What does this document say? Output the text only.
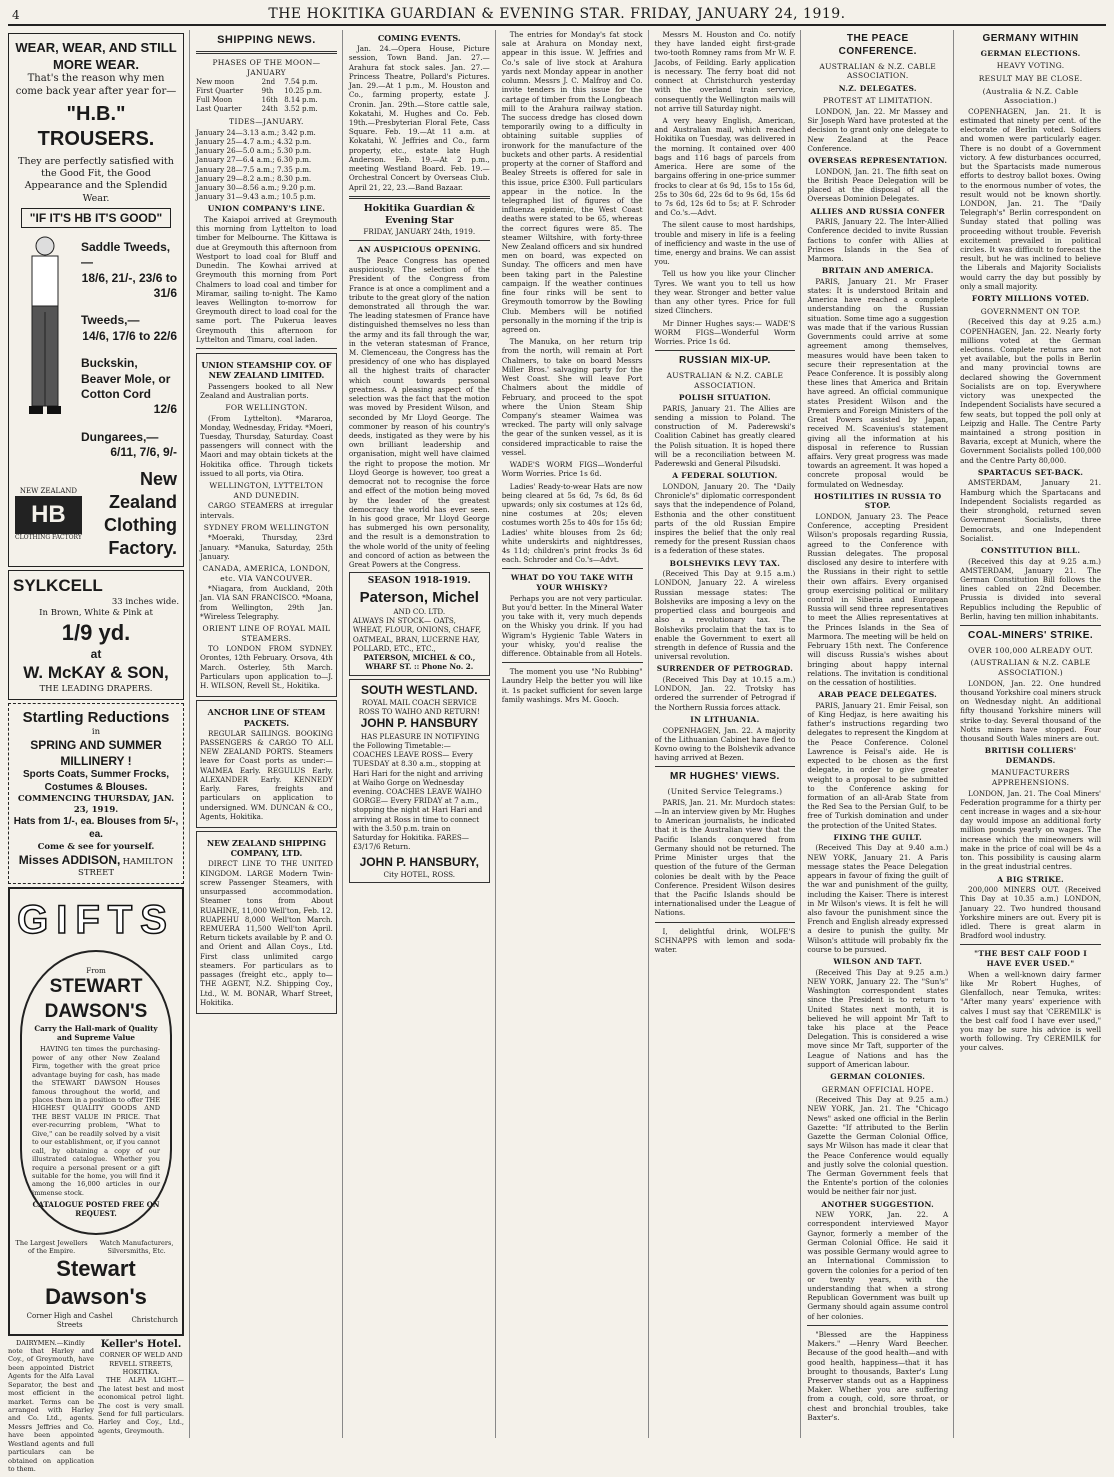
4	THE HOKITIKA GUARDIAN & EVENING STAR. FRIDAY, JANUARY 24, 1919.
WEAR, WEAR, AND STILL MORE WEAR.
That's the reason why men come back year after year for—
"H.B." TROUSERS.
They are perfectly satisfied with the Good Fit, the Good Appearance and the Splendid Wear.
"IF IT'S HB IT'S GOOD"
Saddle Tweeds,—
18/6, 21/-, 23/6 to 31/6
Tweeds,—
14/6, 17/6 to 22/6
Buckskin, Beaver Mole, or Cotton Cord
12/6
Dungarees,—
6/11, 7/6, 9/-
NEW ZEALAND
HB
CLOTHING FACTORY
New Zealand Clothing Factory.
SYLKCELL
33 inches wide.
In Brown, White & Pink at
1/9 yd.
at
W. McKAY & SON, THE LEADING DRAPERS.
Startling Reductions
in
SPRING AND SUMMER MILLINERY !
Sports Coats, Summer Frocks, Costumes & Blouses.
COMMENCING THURSDAY, JAN. 23, 1919.
Hats from 1/-, ea. Blouses from 5/-, ea.
Come & see for yourself.
Misses ADDISON, HAMILTON STREET
GIFTS
From
STEWART DAWSON'S
Carry the Hall-mark of Quality and Supreme Value

HAVING ten times the purchasing-power of any other New Zealand Firm, together with the great price advantage buying for cash, has made the STEWART DAWSON Houses famous throughout the world, and places them in a position to offer THE HIGHEST QUALITY GOODS AND THE BEST VALUE IN PRICE. That ever-recurring problem, "What to Give," can be readily solved by a visit to our establishment, or, if you cannot call, by obtaining a copy of our illustrated catalogue. Whether you require a personal present or a gift suitable for the home, you will find it among the 16,000 articles in our immense stock.

CATALOGUE POSTED FREE ON REQUEST.
The Largest Jewellers of the Empire.
Watch Manufacturers, Silversmiths, Etc.
Stewart Dawson's
Corner High and Cashel Streets
Christchurch

DAIRYMEN.—Kindly note that Harley and Coy., of Greymouth, have been appointed District Agents for the Alfa Laval Separator, the best and most efficient in the market. Terms can be arranged with Harley and Co. Ltd., agents. Messrs Jeffries and Co. have been appointed Westland agents and full particulars can be obtained on application to them.

Keller's Hotel.
CORNER OF WELD AND REVELL STREETS, HOKITIKA.

THE ALFA LIGHT.—The latest best and most economical petrol light. The cost is very small. Send for full particulars. Harley and Coy., Ltd., agents, Greymouth.

SHIPPING NEWS.
PHASES OF THE MOON—JANUARY
New moon	2nd	7.54 p.m.
First Quarter	9th	10.25 p.m.
Full Moon	16th	8.14 p.m.
Last Quarter	24th	3.52 p.m.
TIDES—JANUARY.
January 24—3.13 a.m.; 3.42 p.m.
January 25—4.7 a.m.; 4.32 p.m.
January 26—5.0 a.m.; 5.30 p.m.
January 27—6.4 a.m.; 6.30 p.m.
January 28—7.5 a.m.; 7.35 p.m.
January 29—8.2 a.m.; 8.30 p.m.
January 30—8.56 a.m.; 9.20 p.m.
January 31—9.43 a.m.; 10.5 p.m.
UNION COMPANY'S LINE.

The Kaiapoi arrived at Greymouth this morning from Lyttelton to load timber for Melbourne. The Kittawa is due at Greymouth this afternoon from Westport to load coal for Bluff and Dunedin. The Kowhai arrived at Greymouth this morning from Port Chalmers to load coal and timber for Miramar, sailing to-night. The Kamo leaves Wellington to-morrow for Greymouth direct to load coal for the same port. The Pukerua leaves Greymouth this afternoon for Lyttelton and Timaru, coal laden.

UNION STEAMSHIP COY. OF NEW ZEALAND LIMITED.

Passengers booked to all New Zealand and Australian ports.

FOR WELLINGTON.

(From Lyttelton). *Mararoa, Monday, Wednesday, Friday. *Moeri, Tuesday, Thursday, Saturday. Coast passengers will connect with the Maori and may obtain tickets at the Hokitika office. Through tickets issued to all ports, via Otira.

WELLINGTON, LYTTELTON AND DUNEDIN.

CARGO STEAMERS at irregular intervals.

SYDNEY FROM WELLINGTON

*Moeraki, Thursday, 23rd January. *Manuka, Saturday, 25th January.

CANADA, AMERICA, LONDON, etc. VIA VANCOUVER.

*Niagara, from Auckland, 20th Jan. VIA SAN FRANCISCO. *Moana, from Wellington, 29th Jan. *Wireless Telegraphy.

ORIENT LINE OF ROYAL MAIL STEAMERS.

TO LONDON FROM SYDNEY. Orontes, 12th February. Orsova, 4th March. Osterley, 5th March. Particulars upon application to—J. H. WILSON, Revell St., Hokitika.

ANCHOR LINE OF STEAM PACKETS.

REGULAR SAILINGS. BOOKING PASSENGERS & CARGO TO ALL NEW ZEALAND PORTS. Steamers leave for Coast ports as under:— WAIMEA Early. REGULUS Early. ALEXANDER Early. KENNEDY Early. Fares, freights and particulars on application to undersigned. WM. DUNCAN & CO., Agents, Hokitika.

NEW ZEALAND SHIPPING COMPANY, LTD.

DIRECT LINE TO THE UNITED KINGDOM. LARGE Modern Twin-screw Passenger Steamers, with unsurpassed accommodation. Steamer tons from About RUAHINE, 11,000 Well'ton, Feb. 12. RUAPEHU 8,000 Well'ton March. REMUERA 11,500 Well'ton April. Return tickets available by P. and O. and Orient and Allan Coys., Ltd. First class unlimited cargo steamers. For particulars as to passages (freight etc., apply to— THE AGENT, N.Z. Shipping Coy., Ltd., W. M. BONAR, Wharf Street, Hokitika.

COMING EVENTS.

Jan. 24.—Opera House, Picture session, Town Band. Jan. 27.—Arahura fat stock sales. Jan. 27.—Princess Theatre, Pollard's Pictures. Jan. 29.—At 1 p.m., M. Houston and Co., farming property, estate J. Cronin. Jan. 29th.—Store cattle sale, Kokatahi, M. Hughes and Co. Feb. 19th.—Presbyterian Floral Fete, Cass Square. Feb. 19.—At 11 a.m. at Kokatahi, W. Jeffries and Co., farm property, etc., estate late Hugh Anderson. Feb. 19.—At 2 p.m., meeting Westland Board. Feb. 19.—Orchestral Concert by Overseas Club. April 21, 22, 23.—Band Bazaar.

Hokitika Guardian & Evening Star
FRIDAY, JANUARY 24th, 1919.
AN AUSPICIOUS OPENING.

The Peace Congress has opened auspiciously. The selection of the President of the Congress from France is at once a compliment and a tribute to the great glory of the nation demonstrated all through the war. The leading statesmen of France have distinguished themselves no less than the army and its fall through the war, in the veteran statesman of France, M. Clemenceau, the Congress has the presidency of one who has displayed all the highest traits of character which count towards personal greatness. A pleasing aspect of the selection was the fact that the motion was moved by President Wilson, and seconded by Mr Lloyd George. The commoner by reason of his country's deeds, instigated as they were by his own brilliant leadership and organisation, might well have claimed the right to propose the motion. Mr Lloyd George is however, too great a democrat not to recognise the force and effect of the motion being moved by the leader of the greatest democracy the world has ever seen. In his good grace, Mr Lloyd George has submerged his own personality, and the result is a demonstration to the whole world of the unity of feeling and concord of action as between the Great Powers at the Congress.

SEASON 1918-1919.
Paterson, Michel
AND CO. LTD.
ALWAYS IN STOCK— OATS, WHEAT, FLOUR, ONIONS, CHAFF, OATMEAL, BRAN, LUCERNE HAY, POLLARD, ETC., ETC.,
PATERSON, MICHEL & CO., WHARF ST. :: Phone No. 2.
SOUTH WESTLAND.
ROYAL MAIL COACH SERVICE
ROSS TO WAIHO AND RETURN!
JOHN P. HANSBURY

HAS PLEASURE IN NOTIFYING the Following Timetable:— COACHES LEAVE ROSS— Every TUESDAY at 8.30 a.m., stopping at Hari Hari for the night and arriving at Waiho Gorge on Wednesday evening. COACHES LEAVE WAIHO GORGE— Every FRIDAY at 7 a.m., stopping the night at Hari Hari and arriving at Ross in time to connect with the 3.50 p.m. train on Saturday for Hokitika. FARES—£3/17/6 Return.

JOHN P. HANSBURY,
City HOTEL, ROSS.

The entries for Monday's fat stock sale at Arahura on Monday next, appear in this issue. W. Jeffries and Co.'s sale of live stock at Arahura yards next Monday appear in another column. Messrs J. C. Malfroy and Co. invite tenders in this issue for the cartage of timber from the Longbeach mill to the Arahura railway station. The success dredge has closed down temporarily owing to a difficulty in obtaining suitable supplies of ironwork for the manufacture of the buckets and other parts. A residential property at the corner of Stafford and Bealey Streets is offered for sale in this issue, price £300. Full particulars appear in the notice. In the telegraphed list of figures of the influenza epidemic, the West Coast deaths were stated to be 65, whereas the correct figures were 85. The steamer Wiltshire, with forty-three New Zealand officers and six hundred men on board, was expected on Sunday. The officers and men have been taking part in the Palestine campaign. If the weather continues fine four rinks will be sent to Greymouth tomorrow by the Bowling Club. Members will be notified personally in the morning if the trip is agreed on.

The Manuka, on her return trip from the north, will remain at Port Chalmers, to take on board Messrs Miller Bros.' salvaging party for the West Coast. She will leave Port Chalmers about the middle of February, and proceed to the spot where the Union Steam Ship Company's steamer Waimea was wrecked. The party will only salvage the gear of the sunken vessel, as it is considered impracticable to raise the vessel.

WADE'S WORM FIGS—Wonderful Worm Worries. Price 1s 6d.

Ladies' Ready-to-wear Hats are now being cleared at 5s 6d, 7s 6d, 8s 6d upwards; only six costumes at 12s 6d, nine costumes at 20s; eleven costumes worth 25s to 40s for 15s 6d; Ladies' white blouses from 2s 6d; white underskirts and nightdresses, 4s 11d; children's print frocks 3s 6d each. Schroder and Co.'s—Advt.

WHAT DO YOU TAKE WITH YOUR WHISKY?

Perhaps you are not very particular. But you'd better. In the Mineral Water you take with it, very much depends on the Whisky you drink. If you had Wigram's Hygienic Table Waters in your whisky, you'd realise the difference. Obtainable from all Hotels.

The moment you use "No Rubbing" Laundry Help the better you will like it. 1s packet sufficient for seven large family washings. Mrs M. Gooch.

Messrs M. Houston and Co. notify they have landed eight first-grade two-tooth Romney rams from Mr W. F. Jacobs, of Feilding. Early application is necessary. The ferry boat did not connect at Christchurch yesterday with the overland train service, consequently the Wellington mails will not arrive till Saturday night.

A very heavy English, American, and Australian mail, which reached Hokitika on Tuesday, was delivered in the morning. It contained over 400 bags and 116 bags of parcels from America. Here are some of the bargains offering in one-price summer frocks to clear at 6s 9d, 15s to 15s 6d, 25s to 30s 6d, 22s 6d to 9s 6d, 15s 6d to 7s 6d, 12s 6d to 5s; at F. Schroder and Co.'s.—Advt.

The silent cause to most hardships, trouble and misery in life is a feeling of inefficiency and waste in the use of time, energy and brains. We can assist you.

Tell us how you like your Clincher Tyres. We want you to tell us how they wear. Stronger and better value than any other tyres. Price for full sized Clinchers.

Mr Dinner Hughes says:— WADE'S WORM FIGS—Wonderful Worm Worries. Price 1s 6d.

RUSSIAN MIX-UP.
AUSTRALIAN & N.Z. CABLE ASSOCIATION.
POLISH SITUATION.

PARIS, January 21. The Allies are sending a mission to Poland. The construction of M. Paderewski's Coalition Cabinet has greatly cleared the Polish situation. It is hoped there will be a reconciliation between M. Paderewski and General Pilsudski.

A FEDERAL SOLUTION.

LONDON, January 20. The "Daily Chronicle's" diplomatic correspondent says that the independence of Poland, Esthonia and the other constituent parts of the old Russian Empire inspires the belief that the only real remedy for the present Russian chaos is a federation of these states.

BOLSHEVIKS LEVY TAX.

(Received This Day at 9.15 a.m.) LONDON, January 22. A wireless Russian message states: The Bolsheviks are imposing a levy on the propertied class and bourgeois and also a revolutionary tax. The Bolsheviks proclaim that the tax is to enable the Government to exert all strength in defence of Russia and the universal revolution.

SURRENDER OF PETROGRAD.

(Received This Day at 10.15 a.m.) LONDON, Jan. 22. Trotsky has ordered the surrender of Petrograd if the Northern Russia forces attack.

IN LITHUANIA.

COPENHAGEN, Jan. 22. A majority of the Lithuanian Cabinet have fled to Kovno owing to the Bolshevik advance having arrived at Bezen.

MR HUGHES' VIEWS.
(United Service Telegrams.)

PARIS, Jan. 21. Mr. Murdoch states:—In an interview given by Mr. Hughes to American journalists, he indicated that it is the Australian view that the Pacific Islands conquered from Germany should not be returned. The Prime Minister urges that the question of the future of the German colonies be dealt with by the Peace Conference. President Wilson desires that the Pacific Islands should be internationalised under the League of Nations.

I, delightful drink, WOLFE'S SCHNAPPS with lemon and soda-water.

THE PEACE CONFERENCE.
AUSTRALIAN & N.Z. CABLE ASSOCIATION.
N.Z. DELEGATES.
PROTEST AT LIMITATION.

LONDON, Jan. 22. Mr Massey and Sir Joseph Ward have protested at the decision to grant only one delegate to New Zealand at the Peace Conference.

OVERSEAS REPRESENTATION.

LONDON, Jan. 21. The fifth seat on the British Peace Delegation will be placed at the disposal of all the Overseas Dominion Delegates.

ALLIES AND RUSSIA CONFER

PARIS, January 22. The Inter-Allied Conference decided to invite Russian factions to confer with Allies at Princes Islands in the Sea of Marmora.

BRITAIN AND AMERICA.

PARIS, January 21. Mr Fraser states: It is understood Britain and America have reached a complete understanding on the Russian situation. Some time ago a suggestion was made that if the various Russian Governments could arrive at some agreement among themselves, measures would have been taken to secure their representation at the Peace Conference. It is possibly along these lines that America and Britain have agreed. An official communique states President Wilson and the Premiers and Foreign Ministers of the Great Powers assisted by Japan, received M. Scavenius's statement giving all the information at his disposal in reference to Russian affairs. Very great progress was made towards an agreement. It was hoped a concrete proposal would be formulated on Wednesday.

HOSTILITIES IN RUSSIA TO STOP.

LONDON, January 23. The Peace Conference, accepting President Wilson's proposals regarding Russia, agreed to the Conference with Russian delegates. The proposal disclosed any desire to interfere with the Russians in their right to settle their own affairs. Every organised group exercising political or military control in Siberia and European Russia will send three representatives to meet the Allies representatives at the Princes Islands in the Sea of Marmora. The meeting will be held on February 15th next. The Conference will discuss Russia's wishes about bringing about happy internal relations. The invitation is conditional on the cessation of hostilities.

ARAB PEACE DELEGATES.

PARIS, January 21. Emir Feisal, son of King Hedjaz, is here awaiting his father's instructions regarding two delegates to represent the Kingdom at the Peace Conference. Colonel Lawrence is Feisal's aide. He is expected to be chosen as the first delegate, in order to give greater weight to a proposal to be submitted to the Conference asking for formation of an all-Arab State from the Red Sea to the Persian Gulf, to be free of Turkish domination and under the protection of the United States.

FIXING THE GUILT.

(Received This Day at 9.40 a.m.) NEW YORK, January 21. A Paris message states the Peace Delegation appears in favour of fixing the guilt of the war and punishment of the guilty, including the Kaiser. There is interest in Mr Wilson's views. It is felt he will also favour the punishment since the French and English already expressed a desire to punish the guilty. Mr Wilson's attitude will probably fix the course to be pursued.

WILSON AND TAFT.

(Received This Day at 9.25 a.m.) NEW YORK, January 22. The "Sun's" Washington correspondent states since the President is to return to United States next month, it is believed he will appoint Mr Taft to take his place at the Peace Delegation. This is considered a wise move since Mr Taft, supporter of the League of Nations and has the support of American labour.

GERMAN COLONIES.
GERMAN OFFICIAL HOPE.

(Received This Day at 9.25 a.m.) NEW YORK, Jan. 21. The "Chicago News" asked one official in the Berlin Gazette: "If attributed to the Berlin Gazette the German Colonial Office, says Mr Wilson has made it clear that the Peace Conference would equally and justly solve the colonial question. The German Government feels that the Entente's portion of the colonies would be neither fair nor just.

ANOTHER SUGGESTION.

NEW YORK, Jan. 22. A correspondent interviewed Mayor Gaynor, formerly a member of the German Colonial Office. He said it was possible Germany would agree to an International Commission to govern the colonies for a period of ten or twenty years, with the understanding that when a strong Republican Government was built up Germany should again assume control of her colonies.

"Blessed are the Happiness Makers." —Henry Ward Beecher. Because of the good health—and with good health, happiness—that it has brought to thousands, Baxter's Lung Preserver stands out as a Happiness Maker. Whether you are suffering from a cough, cold, sore throat, or chest and bronchial troubles, take Baxter's.

GERMANY WITHIN
GERMAN ELECTIONS.
HEAVY VOTING.
RESULT MAY BE CLOSE.
(Australia & N.Z. Cable Association.)

COPENHAGEN, Jan. 21. It is estimated that ninety per cent. of the electorate of Berlin voted. Soldiers and women were particularly eager. There is no doubt of a Government victory. A few disturbances occurred, but the Spartacists made numerous efforts to destroy ballot boxes. Owing to the enormous number of votes, the result would not be known shortly. LONDON, Jan. 21. The "Daily Telegraph's" Berlin correspondent on Sunday stated that polling was proceeding without trouble. Feverish excitement prevailed in political circles. It was difficult to forecast the result, but he was inclined to believe the Liberals and Majority Socialists would carry the day but possibly by only a small majority.

FORTY MILLIONS VOTED.
GOVERNMENT ON TOP.

(Received this day at 9.25 a.m.) COPENHAGEN, Jan. 22. Nearly forty millions voted at the German elections. Complete returns are not yet available, but the polls in Berlin and many provincial towns are declared showing the Government Socialists are on top. Everywhere victory was unexpected the Independent Socialists have secured a few seats, but topped the poll only at Leipzig and Halle. The Centre Party maintained a strong position in Bavaria, except at Munich, where the Government Socialists polled 100,000 and the Centre Party 80,000.

SPARTACUS SET-BACK.

AMSTERDAM, January 21. Hamburg which the Spartacans and Independent Socialists regarded as their stronghold, returned seven Government Socialists, three Democrats, and one Independent Socialist.

CONSTITUTION BILL.

(Received this day at 9.25 a.m.) AMSTERDAM, January 21. The German Constitution Bill follows the lines cabled on 22nd December. Prussia is divided into several Republics including the Republic of Berlin, having ten million inhabitants.

COAL-MINERS' STRIKE.
OVER 100,000 ALREADY OUT.
(AUSTRALIAN & N.Z. CABLE ASSOCIATION.)

LONDON, Jan. 22. One hundred thousand Yorkshire coal miners struck on Wednesday night. An additional fifty thousand Yorkshire miners will strike to-day. Several thousand of the Notts miners have stopped. Four thousand South Wales miners are out.

BRITISH COLLIERS' DEMANDS.
MANUFACTURERS APPREHENSIONS.

LONDON, Jan. 21. The Coal Miners' Federation programme for a thirty per cent increase in wages and a six-hour day would impose an additional forty million pounds yearly on wages. The increase which the mineowners will make in the price of coal will be 4s a ton. This possibility is causing alarm in the great industrial centres.

A BIG STRIKE.

200,000 MINERS OUT. (Received This Day at 10.35 a.m.) LONDON, January 22. Two hundred thousand Yorkshire miners are out. Every pit is idled. There is great alarm in Bradford wool industry.

"THE BEST CALF FOOD I HAVE EVER USED."

When a well-known dairy farmer like Mr Robert Hughes, of Glenfalloch, near Temuka, writes: "After many years' experience with calves I must say that 'CEREMILK' is the best calf food I have ever used," you may be sure his advice is well worth following. Try CEREMILK for your calves.
